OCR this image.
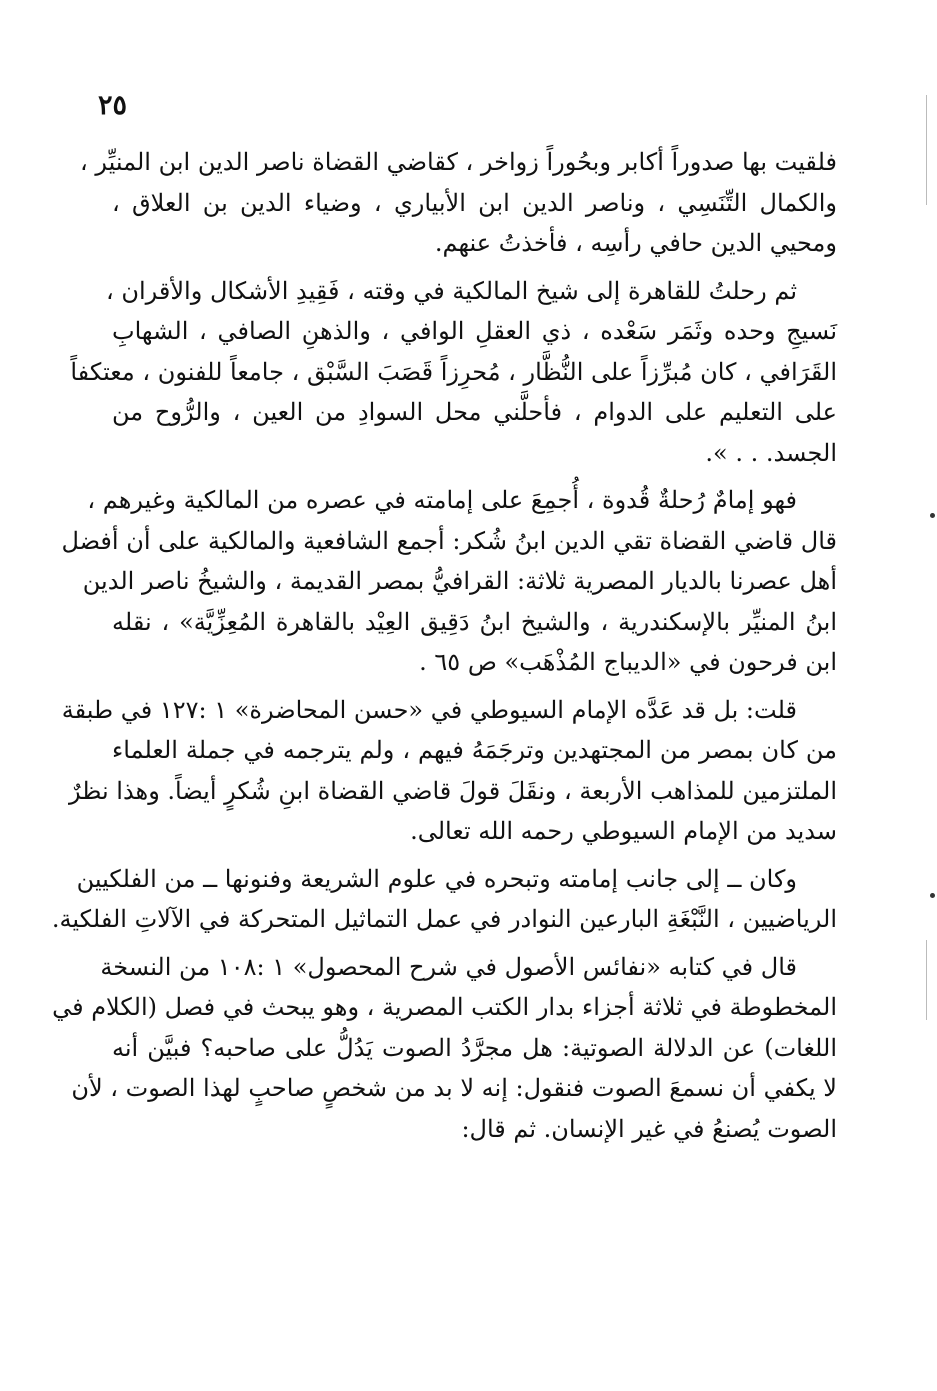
٢٥
فلقيت بها صدوراً أكابر وبحُوراً زواخر ، كقاضي القضاة ناصر الدين ابن المنيِّر ،
والكمال التِّنَسِي ، وناصر الدين ابن الأبياري ، وضياء الدين بن العلاق ،
ومحيي الدين حافي رأسِه ، فأخذتُ عنهم.
ثم رحلتُ للقاهرة إلى شيخ المالكية في وقته ، فَقِيدِ الأشكال والأقران ،
نَسيجِ وحده وثَمَر سَعْده ، ذي العقلِ الوافي ، والذهنِ الصافي ، الشهابِ
القَرَافي ، كان مُبرِّزاً على النُّظَّار ، مُحرِزاً قَصَبَ السَّبْق ، جامعاً للفنون ، معتكفاً
على التعليم على الدوام ، فأحلَّني محل السوادِ من العين ، والرُّوح من
الجسد. . . ».
فهو إمامٌ رُحلةٌ قُدوة ، أُجمِعَ على إمامته في عصره من المالكية وغيرهم ،
قال قاضي القضاة تقي الدين ابنُ شُكر: أجمع الشافعية والمالكية على أن أفضل
أهل عصرنا بالديار المصرية ثلاثة: القرافيُّ بمصر القديمة ، والشيخُ ناصر الدين
ابنُ المنيِّر بالإسكندرية ، والشيخ ابنُ دَقِيق العِيْد بالقاهرة المُعِزِّيَّة» ، نقله
ابن فرحون في «الديباج المُذْهَب» ص ٦٥ .
قلت: بل قد عَدَّه الإمام السيوطي في «حسن المحاضرة» ١ :١٢٧ في طبقة
من كان بمصر من المجتهدين وترجَمَهُ فيهم ، ولم يترجمه في جملة العلماء
الملتزمين للمذاهب الأربعة ، ونقَلَ قولَ قاضي القضاة ابنِ شُكرٍ أيضاً. وهذا نظرٌ
سديد من الإمام السيوطي رحمه الله تعالى.
وكان ــ إلى جانب إمامته وتبحره في علوم الشريعة وفنونها ــ من الفلكيين
الرياضيين ، النَّبْغَةِ البارعين النوادر في عمل التماثيل المتحركة في الآلاتِ الفلكية.
قال في كتابه «نفائس الأصول في شرح المحصول» ١ :١٠٨ من النسخة
المخطوطة في ثلاثة أجزاء بدار الكتب المصرية ، وهو يبحث في فصل (الكلام في
اللغات) عن الدلالة الصوتية: هل مجرَّدُ الصوت يَدُلُّ على صاحبه؟ فبيَّن أنه
لا يكفي أن نسمعَ الصوت فنقول: إنه لا بد من شخصٍ صاحبٍ لهذا الصوت ، لأن
الصوت يُصنعُ في غير الإنسان. ثم قال:
